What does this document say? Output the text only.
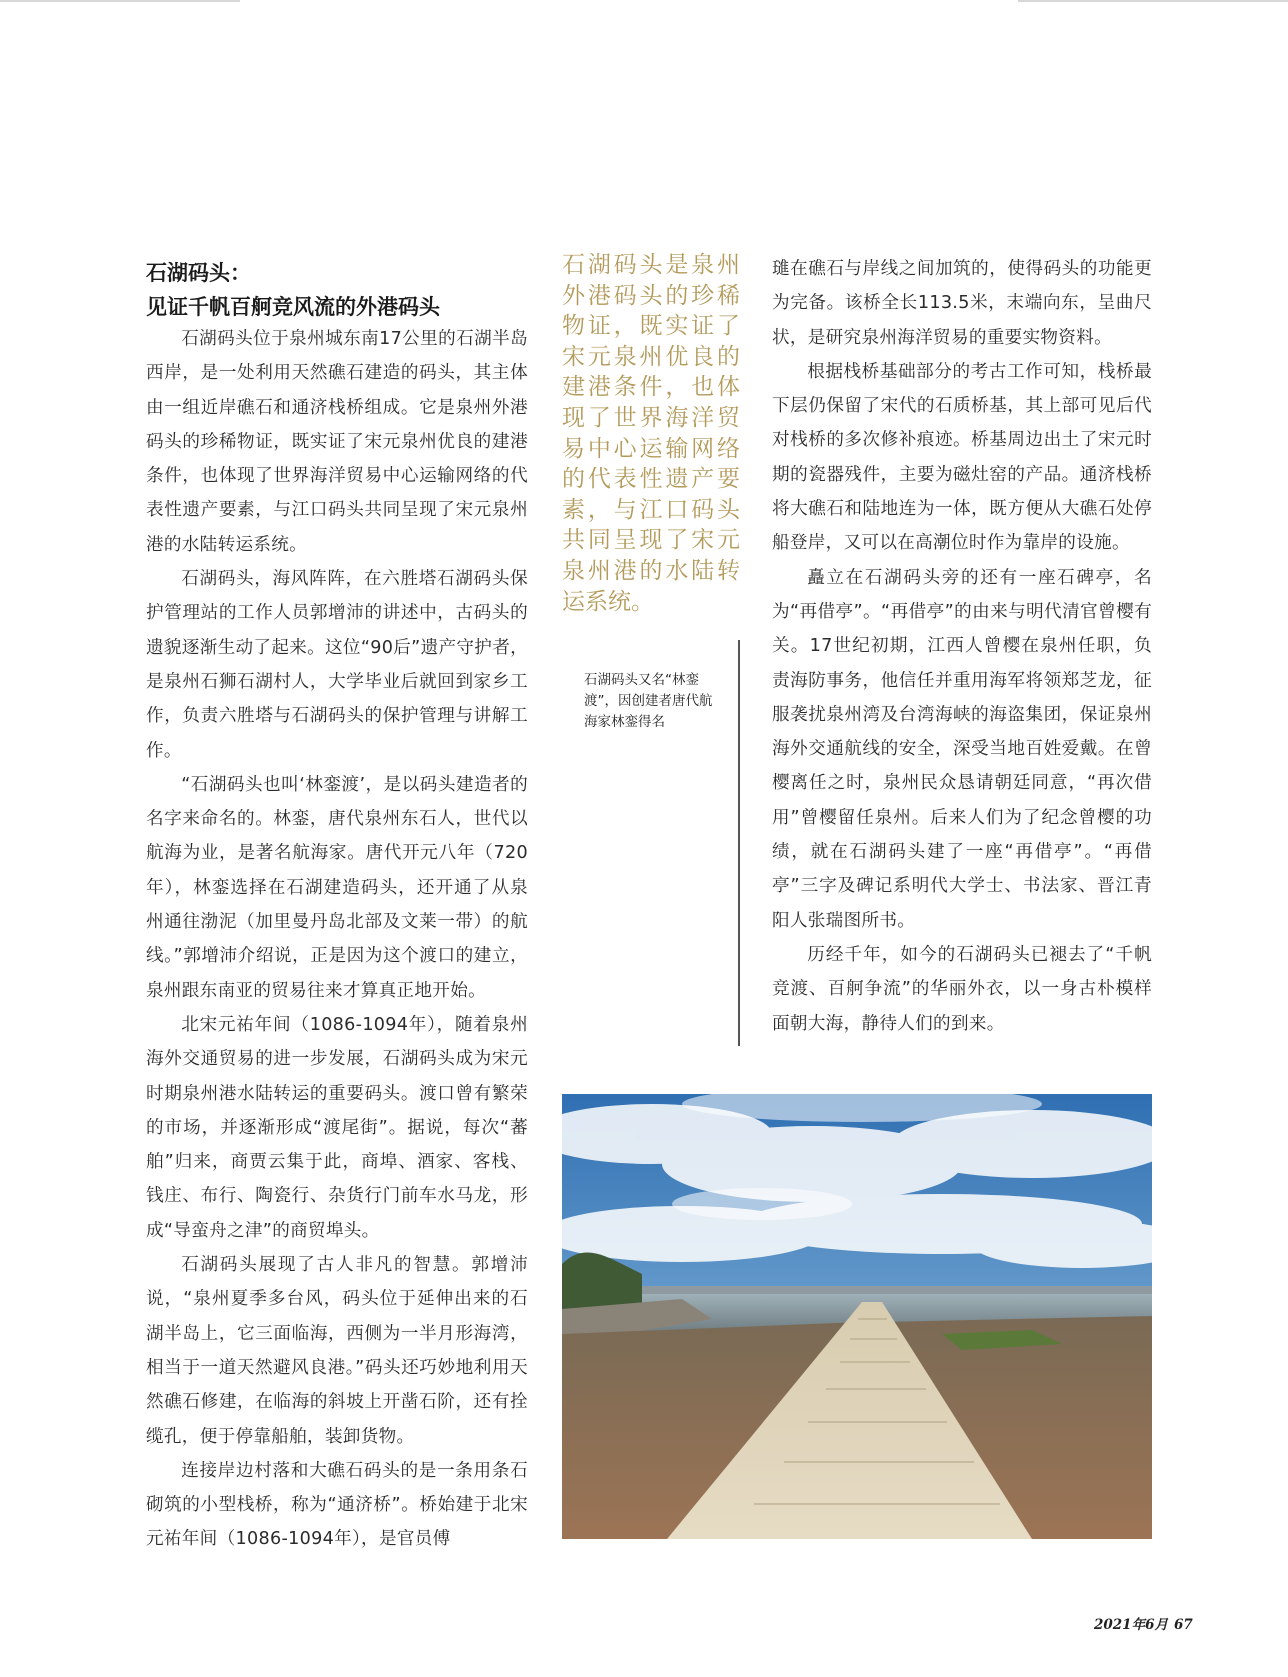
石湖码头：
见证千帆百舸竞风流的外港码头

石湖码头位于泉州城东南17公里的石湖半岛西岸，是一处利用天然礁石建造的码头，其主体由一组近岸礁石和通济栈桥组成。它是泉州外港码头的珍稀物证，既实证了宋元泉州优良的建港条件，也体现了世界海洋贸易中心运输网络的代表性遗产要素，与江口码头共同呈现了宋元泉州港的水陆转运系统。

石湖码头，海风阵阵，在六胜塔石湖码头保护管理站的工作人员郭增沛的讲述中，古码头的遗貌逐渐生动了起来。这位“90后”遗产守护者，是泉州石狮石湖村人，大学毕业后就回到家乡工作，负责六胜塔与石湖码头的保护管理与讲解工作。

“石湖码头也叫‘林銮渡’，是以码头建造者的名字来命名的。林銮，唐代泉州东石人，世代以航海为业，是著名航海家。唐代开元八年（720年），林銮选择在石湖建造码头，还开通了从泉州通往渤泥（加里曼丹岛北部及文莱一带）的航线。”郭增沛介绍说，正是因为这个渡口的建立，泉州跟东南亚的贸易往来才算真正地开始。

北宋元祐年间（1086-1094年），随着泉州海外交通贸易的进一步发展，石湖码头成为宋元时期泉州港水陆转运的重要码头。渡口曾有繁荣的市场，并逐渐形成“渡尾街”。据说，每次“蕃舶”归来，商贾云集于此，商埠、酒家、客栈、钱庄、布行、陶瓷行、杂货行门前车水马龙，形成“导蛮舟之津”的商贸埠头。

石湖码头展现了古人非凡的智慧。郭增沛说，“泉州夏季多台风，码头位于延伸出来的石湖半岛上，它三面临海，西侧为一半月形海湾，相当于一道天然避风良港。”码头还巧妙地利用天然礁石修建，在临海的斜坡上开凿石阶，还有拴缆孔，便于停靠船舶，装卸货物。

连接岸边村落和大礁石码头的是一条用条石砌筑的小型栈桥，称为“通济桥”。桥始建于北宋元祐年间（1086-1094年），是官员傅

石湖码头是泉州外港码头的珍稀物证，既实证了宋元泉州优良的建港条件，也体现了世界海洋贸易中心运输网络的代表性遗产要素，与江口码头共同呈现了宋元泉州港的水陆转运系统。

石湖码头又名“林銮渡”，因创建者唐代航海家林銮得名

璡在礁石与岸线之间加筑的，使得码头的功能更为完备。该桥全长113.5米，末端向东，呈曲尺状，是研究泉州海洋贸易的重要实物资料。

根据栈桥基础部分的考古工作可知，栈桥最下层仍保留了宋代的石质桥基，其上部可见后代对栈桥的多次修补痕迹。桥基周边出土了宋元时期的瓷器残件，主要为磁灶窑的产品。通济栈桥将大礁石和陆地连为一体，既方便从大礁石处停船登岸，又可以在高潮位时作为靠岸的设施。

矗立在石湖码头旁的还有一座石碑亭，名为“再借亭”。“再借亭”的由来与明代清官曾樱有关。17世纪初期，江西人曾樱在泉州任职，负责海防事务，他信任并重用海军将领郑芝龙，征服袭扰泉州湾及台湾海峡的海盗集团，保证泉州海外交通航线的安全，深受当地百姓爱戴。在曾樱离任之时，泉州民众恳请朝廷同意，“再次借用”曾樱留任泉州。后来人们为了纪念曾樱的功绩，就在石湖码头建了一座“再借亭”。“再借亭”三字及碑记系明代大学士、书法家、晋江青阳人张瑞图所书。

历经千年，如今的石湖码头已褪去了“千帆竞渡、百舸争流”的华丽外衣，以一身古朴模样面朝大海，静待人们的到来。

2021年6月 67
